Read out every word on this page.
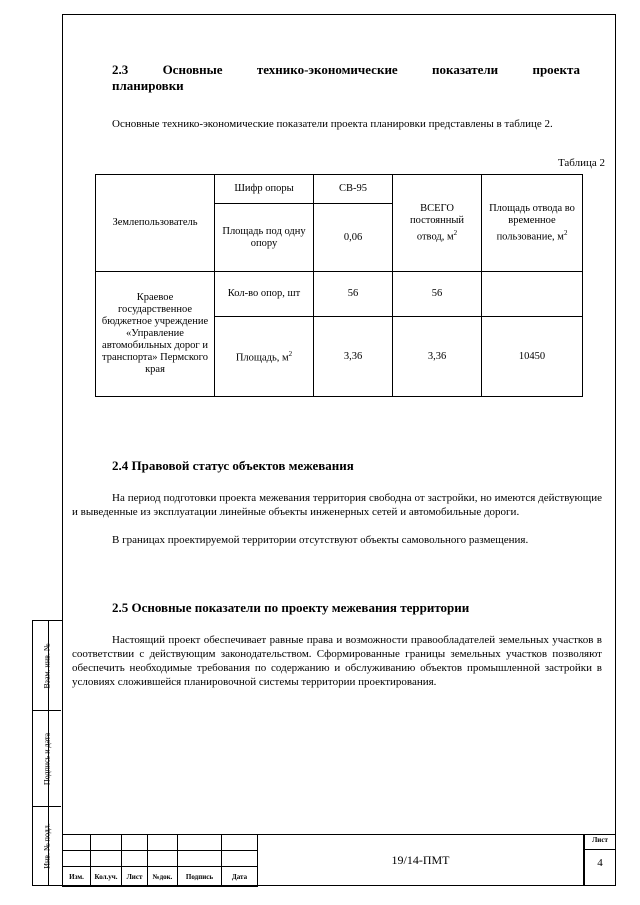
Взам. инв. №
Подпись и дата
Инв. № подл.
2.3 Основные технико-экономические показатели проекта планировки

Основные технико-экономические показатели проекта планировки представлены в таблице 2.

Таблица 2
Землепользователь	Шифр опоры	СВ-95	ВСЕГО постоянный отвод, $м^2$	Площадь отвода во временное пользование, $м^2$
	Площадь под одну опору	0,06		
Краевое государственное бюджетное учреждение «Управление автомобильных дорог и транспорта» Пермского края	Кол-во опор, шт	56	56	
	Площадь, $м^2$	3,36	3,36	10450
2.4 Правовой статус объектов межевания

На период подготовки проекта межевания территория свободна от застройки, но имеются действующие и выведенные из эксплуатации линейные объекты инженерных сетей и автомобильные дороги.

В границах проектируемой территории отсутствуют объекты самовольного размещения.

2.5 Основные показатели по проекту межевания территории

Настоящий проект обеспечивает равные права и возможности правообладателей земельных участков в соответствии с действующим законодательством. Сформированные границы земельных участков позволяют обеспечить необходимые требования по содержанию и обслуживанию объектов промышленной застройки в условиях сложившейся планировочной системы территории проектирования.

Изм.	Кол.уч.	Лист	№док.	Подпись	Дата
19/14-ПМТ
Лист
4
